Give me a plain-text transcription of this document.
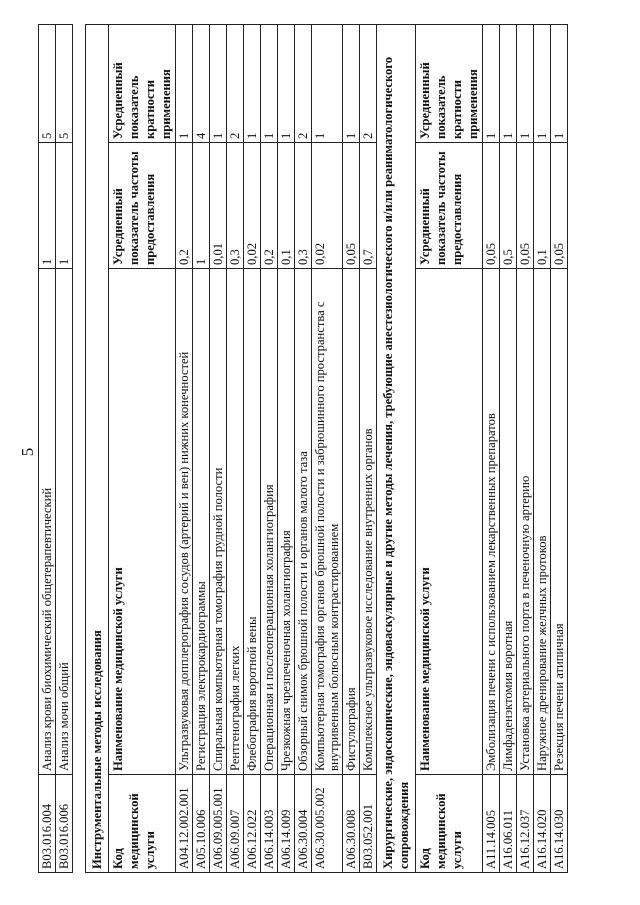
5
B03.016.004	Анализ крови биохимический общетерапевтический	1	5
B03.016.006	Анализ мочи общий	1	5

Инструментальные методы исследования			
Код медицинской услуги	Наименование медицинской услуги	Усредненный показатель частоты предоставления	Усредненный показатель кратности применения
A04.12.002.001	Ультразвуковая допплерография сосудов (артерий и вен) нижних конечностей	0,2	1
A05.10.006	Регистрация электрокардиограммы	1	4
A06.09.005.001	Спиральная компьютерная томография грудной полости	0,01	1
A06.09.007	Рентгенография легких	0,3	2
A06.12.022	Флебография воротной вены	0,02	1
A06.14.003	Операционная и послеоперационная холангиография	0,2	1
A06.14.009	Чрезкожная чрезпеченочная холангиография	0,1	1
A06.30.004	Обзорный снимок брюшной полости и органов малого таза	0,3	2
A06.30.005.002	Компьютерная томография органов брюшной полости и забрюшинного пространства с внутривенным болюсным контрастированием	0,02	1
A06.30.008	Фистулография	0,05	1
B03.052.001	Комплексное ультразвуковое исследование внутренних органов	0,7	2
Хирургические, эндоскопические, эндоваскулярные и другие методы лечения, требующие анестезиологического и/или реаниматологического сопровождения			
Код медицинской услуги	Наименование медицинской услуги	Усредненный показатель частоты предоставления	Усредненный показатель кратности применения
A11.14.005	Эмболизация печени с использованием лекарственных препаратов	0,05	1
A16.06.011	Лимфаденэктомия воротная	0,5	1
A16.12.037	Установка артериального порта в печеночную артерию	0,05	1
A16.14.020	Наружное дренирование желчных протоков	0,1	1
A16.14.030	Резекция печени атипичная	0,05	1
